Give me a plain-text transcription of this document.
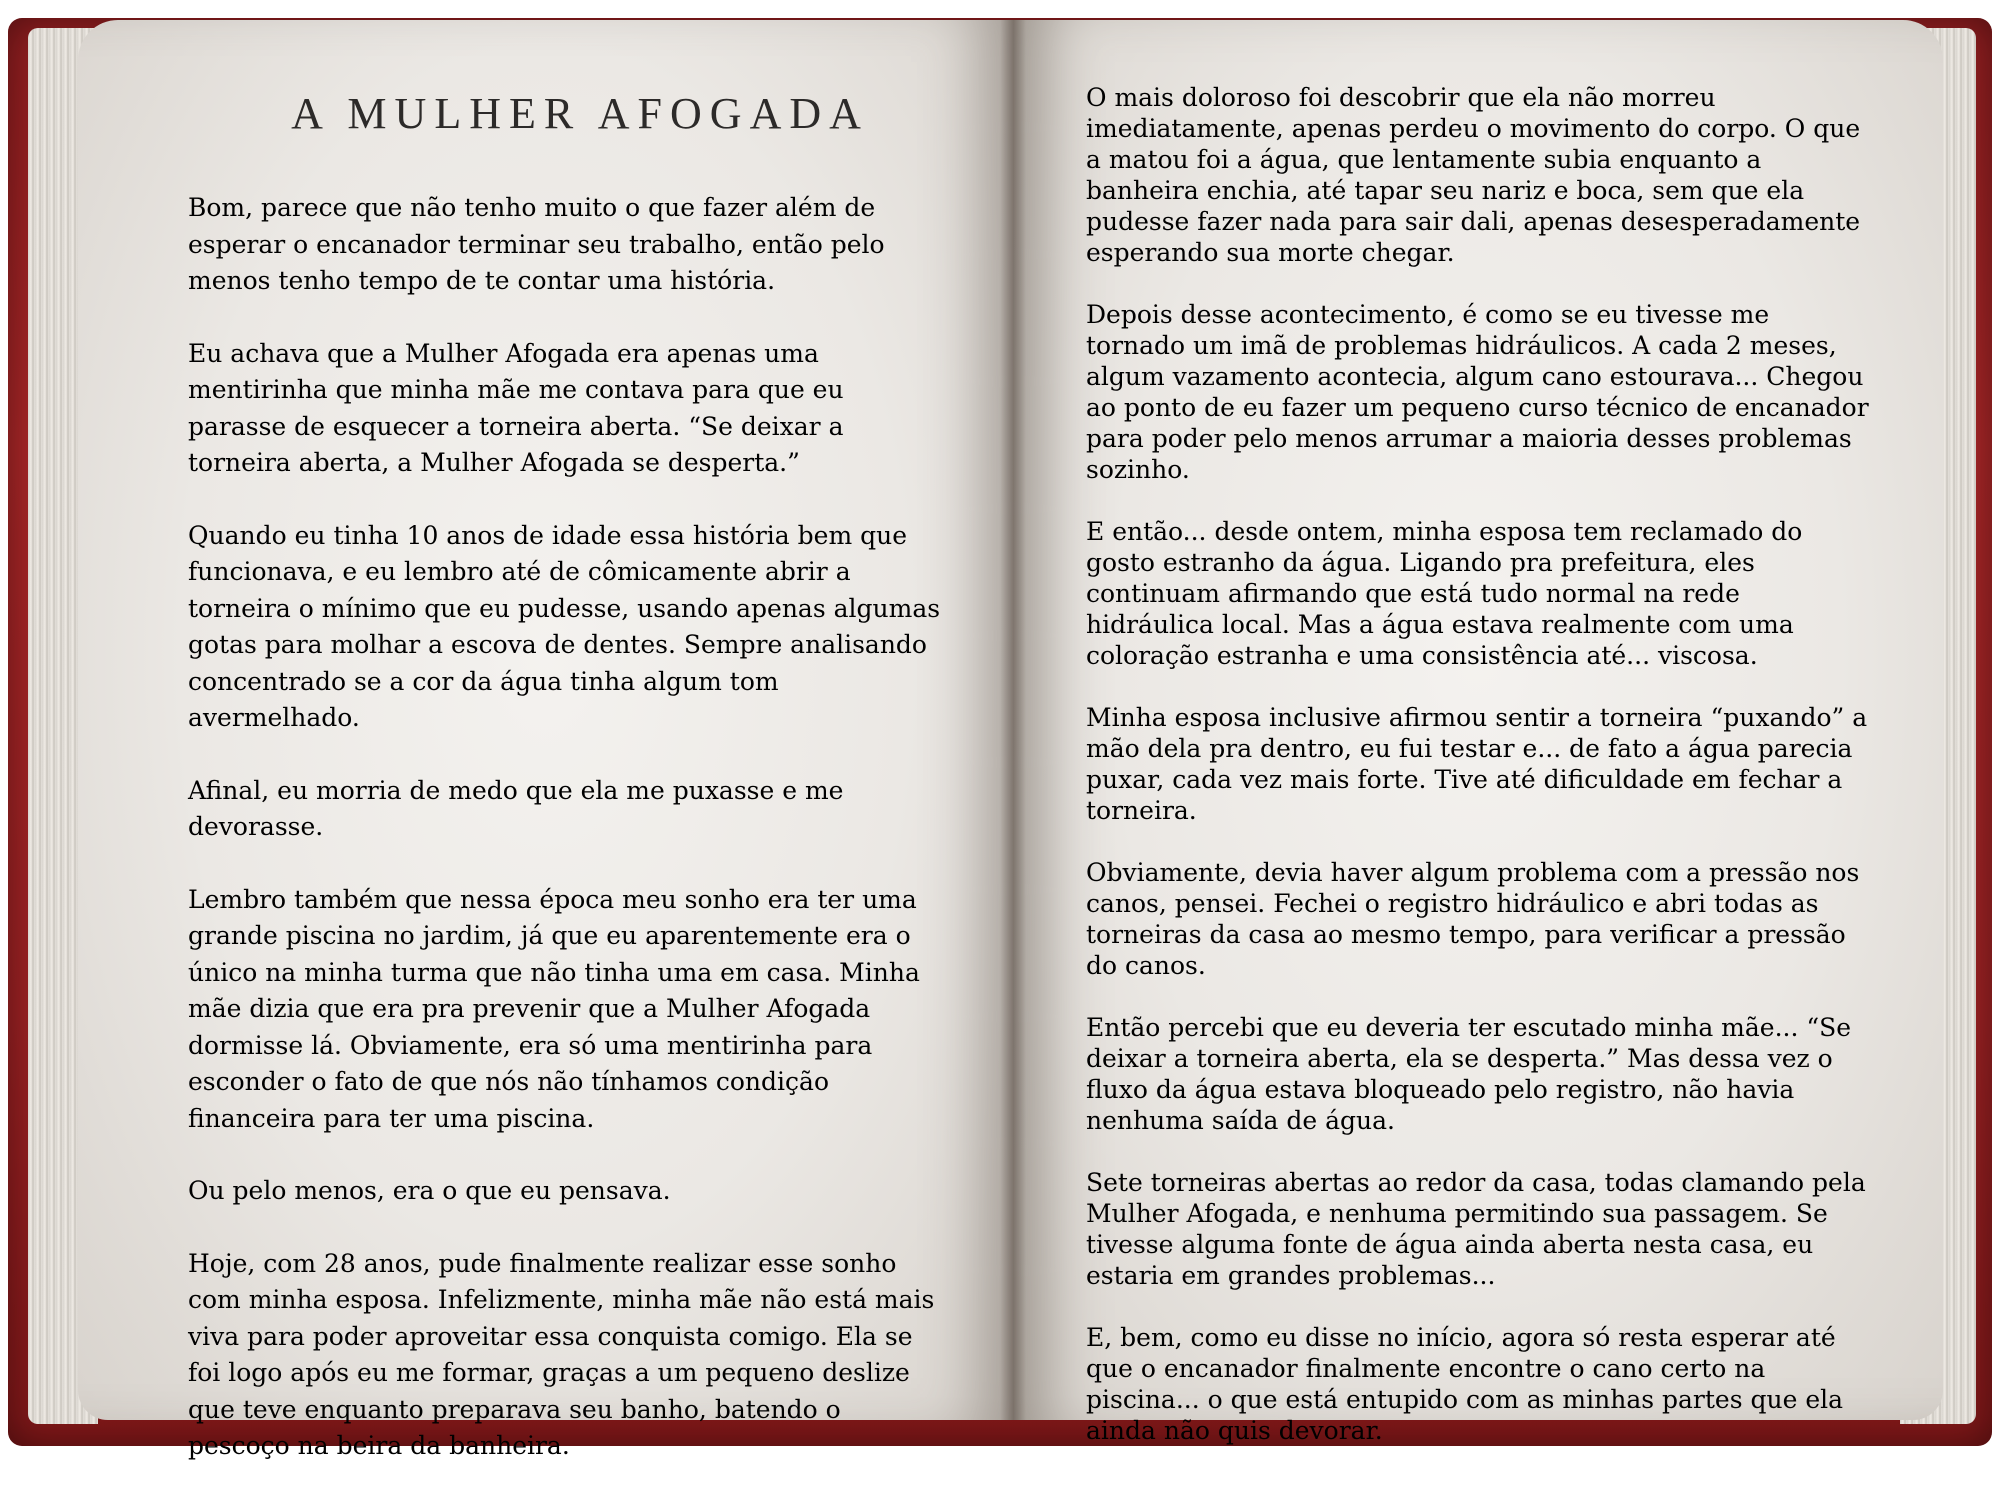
A MULHER AFOGADA

Bom, parece que não tenho muito o que fazer além de esperar o encanador terminar seu trabalho, então pelo menos tenho tempo de te contar uma história.

Eu achava que a Mulher Afogada era apenas uma mentirinha que minha mãe me contava para que eu parasse de esquecer a torneira aberta. “Se deixar a torneira aberta, a Mulher Afogada se desperta.”

Quando eu tinha 10 anos de idade essa história bem que funcionava, e eu lembro até de cômicamente abrir a torneira o mínimo que eu pudesse, usando apenas algumas gotas para molhar a escova de dentes. Sempre analisando concentrado se a cor da água tinha algum tom avermelhado.

Afinal, eu morria de medo que ela me puxasse e me devorasse.

Lembro também que nessa época meu sonho era ter uma grande piscina no jardim, já que eu aparentemente era o único na minha turma que não tinha uma em casa. Minha mãe dizia que era pra prevenir que a Mulher Afogada dormisse lá. Obviamente, era só uma mentirinha para esconder o fato de que nós não tínhamos condição financeira para ter uma piscina.

Ou pelo menos, era o que eu pensava.

Hoje, com 28 anos, pude finalmente realizar esse sonho com minha esposa. Infelizmente, minha mãe não está mais viva para poder aproveitar essa conquista comigo. Ela se foi logo após eu me formar, graças a um pequeno deslize que teve enquanto preparava seu banho, batendo o pescoço na beira da banheira.

O mais doloroso foi descobrir que ela não morreu imediatamente, apenas perdeu o movimento do corpo. O que a matou foi a água, que lentamente subia enquanto a banheira enchia, até tapar seu nariz e boca, sem que ela pudesse fazer nada para sair dali, apenas desesperadamente esperando sua morte chegar.

Depois desse acontecimento, é como se eu tivesse me tornado um imã de problemas hidráulicos. A cada 2 meses, algum vazamento acontecia, algum cano estourava... Chegou ao ponto de eu fazer um pequeno curso técnico de encanador para poder pelo menos arrumar a maioria desses problemas sozinho.

E então... desde ontem, minha esposa tem reclamado do gosto estranho da água. Ligando pra prefeitura, eles continuam afirmando que está tudo normal na rede hidráulica local. Mas a água estava realmente com uma coloração estranha e uma consistência até... viscosa.

Minha esposa inclusive afirmou sentir a torneira “puxando” a mão dela pra dentro, eu fui testar e... de fato a água parecia puxar, cada vez mais forte. Tive até dificuldade em fechar a torneira.

Obviamente, devia haver algum problema com a pressão nos canos, pensei. Fechei o registro hidráulico e abri todas as torneiras da casa ao mesmo tempo, para verificar a pressão do canos.

Então percebi que eu deveria ter escutado minha mãe... “Se deixar a torneira aberta, ela se desperta.” Mas dessa vez o fluxo da água estava bloqueado pelo registro, não havia nenhuma saída de água.

Sete torneiras abertas ao redor da casa, todas clamando pela Mulher Afogada, e nenhuma permitindo sua passagem. Se tivesse alguma fonte de água ainda aberta nesta casa, eu estaria em grandes problemas...

E, bem, como eu disse no início, agora só resta esperar até que o encanador finalmente encontre o cano certo na piscina... o que está entupido com as minhas partes que ela ainda não quis devorar.
